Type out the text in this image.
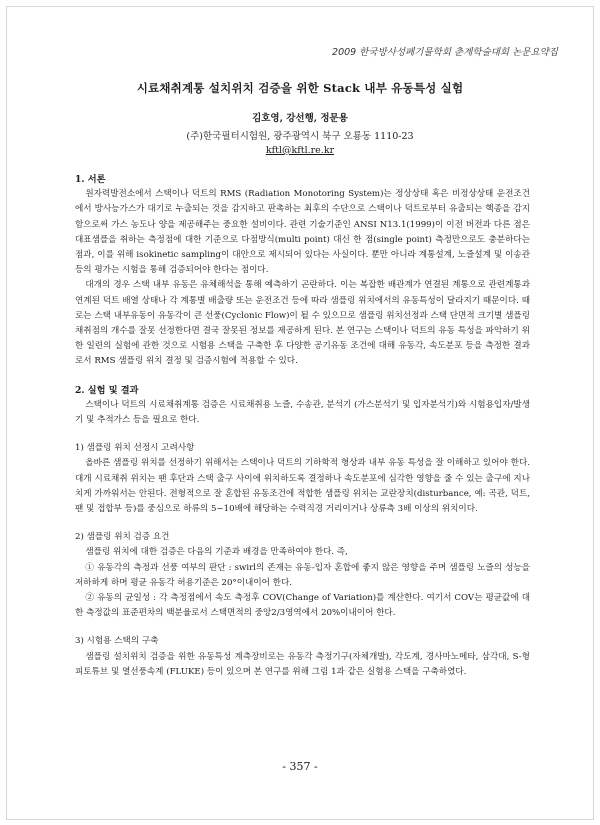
2009 한국방사성폐기물학회 춘계학술대회 논문요약집
시료채취계통 설치위치 검증을 위한 Stack 내부 유동특성 실험
김호영, 강선행, 정문용
(주)한국필터시험원, 광주광역시 북구 오룡동 1110-23
kftl@kftl.re.kr
1. 서론

원자력발전소에서 스택이나 덕트의 RMS (Radiation Monotoring System)는 정상상태 혹은 비정상상태 운전조건에서 방사능가스가 대기로 누출되는 것을 감지하고 판촉하는 최후의 수단으로 스택이나 덕트로부터 유출되는 핵종을 감지함으로써 가스 농도나 양을 제공해주는 중요한 설비이다. 관련 기술기준인 ANSI N13.1(1999)이 이전 버전과 다른 점은 대표샘플을 취하는 측정점에 대한 기준으로 다점방식(multi point) 대신 한 점(single point) 측정만으로도 충분하다는 점과, 이를 위해 isokinetic sampling이 대안으로 제시되어 있다는 사실이다. 뿐만 아니라 계통설계, 노즐설계 및 이송관 등의 평가는 시험을 통해 검증되어야 한다는 점이다.

대개의 경우 스택 내부 유동은 유체해석을 통해 예측하기 곤란하다. 이는 복잡한 배관계가 연결된 계통으로 관련계통과 연계된 덕트 배열 상태나 각 계통별 배출량 또는 운전조건 등에 따라 샘플링 위치에서의 유동특성이 달라지기 때문이다. 때로는 스택 내부유동이 유동각이 큰 선풍(Cyclonic Flow)이 될 수 있으므로 샘플링 위치선정과 스택 단면적 크기별 샘플링 채취점의 개수를 잘못 선정한다면 결국 잘못된 정보를 제공하게 된다. 본 연구는 스택이나 덕트의 유동 특성을 파악하기 위한 일련의 실험에 관한 것으로 시험용 스택을 구축한 후 다양한 공기유동 조건에 대해 유동각, 속도분포 등을 측정한 결과로서 RMS 샘플링 위치 결정 및 검증시험에 적용할 수 있다.

2. 실험 및 결과

스택이나 덕트의 시료채취계통 검증은 시료채취용 노즐, 수송관, 분석기 (가스분석기 및 입자분석기)와 시험용입자/발생기 및 추적가스 등을 필요로 한다.

1) 샘플링 위치 선정시 고려사항

올바른 샘플링 위치를 선정하기 위해서는 스택이나 덕트의 기하학적 형상과 내부 유동 특성을 잘 이해하고 있어야 한다. 대개 시료채취 위치는 팬 후단과 스택 출구 사이에 위치하도록 결정하나 속도분포에 심각한 영향을 줄 수 있는 출구에 지나치게 가까워서는 안된다. 전형적으로 잘 혼합된 유동조건에 적합한 샘플링 위치는 교란장치(disturbance, 예: 곡관, 덕트, 팬 및 접합부 등)를 중심으로 하류의 5~10배에 해당하는 수력직경 거리이거나 상류측 3배 이상의 위치이다.

2) 샘플링 위치 검증 요건

샘플링 위치에 대한 검증은 다음의 기준과 배경을 만족하여야 한다. 즉,

① 유동각의 측정과 선풍 여부의 판단 : swirl의 존재는 유동-입자 혼합에 좋지 않은 영향을 주며 샘플링 노즐의 성능을 저하하게 하며 평균 유동각 허용기준은 20°이내이어 한다.

② 유동의 균일성 : 각 측정점에서 속도 측정후 COV(Change of Variation)를 계산한다. 여기서 COV는 평균값에 대한 측정값의 표준편차의 백분율로서 스택면적의 중앙2/3영역에서 20%이내이어 한다.

3) 시험용 스택의 구축

샘플링 설치위치 검증을 위한 유동특성 계측장비로는 유동각 측정기구(자체개발), 각도계, 경사마노메타, 삼각대, S-형 피토튜브 및 열선풍속계 (FLUKE) 등이 있으며 본 연구를 위해 그림 1과 같은 실험용 스택을 구축하였다.

- 357 -
